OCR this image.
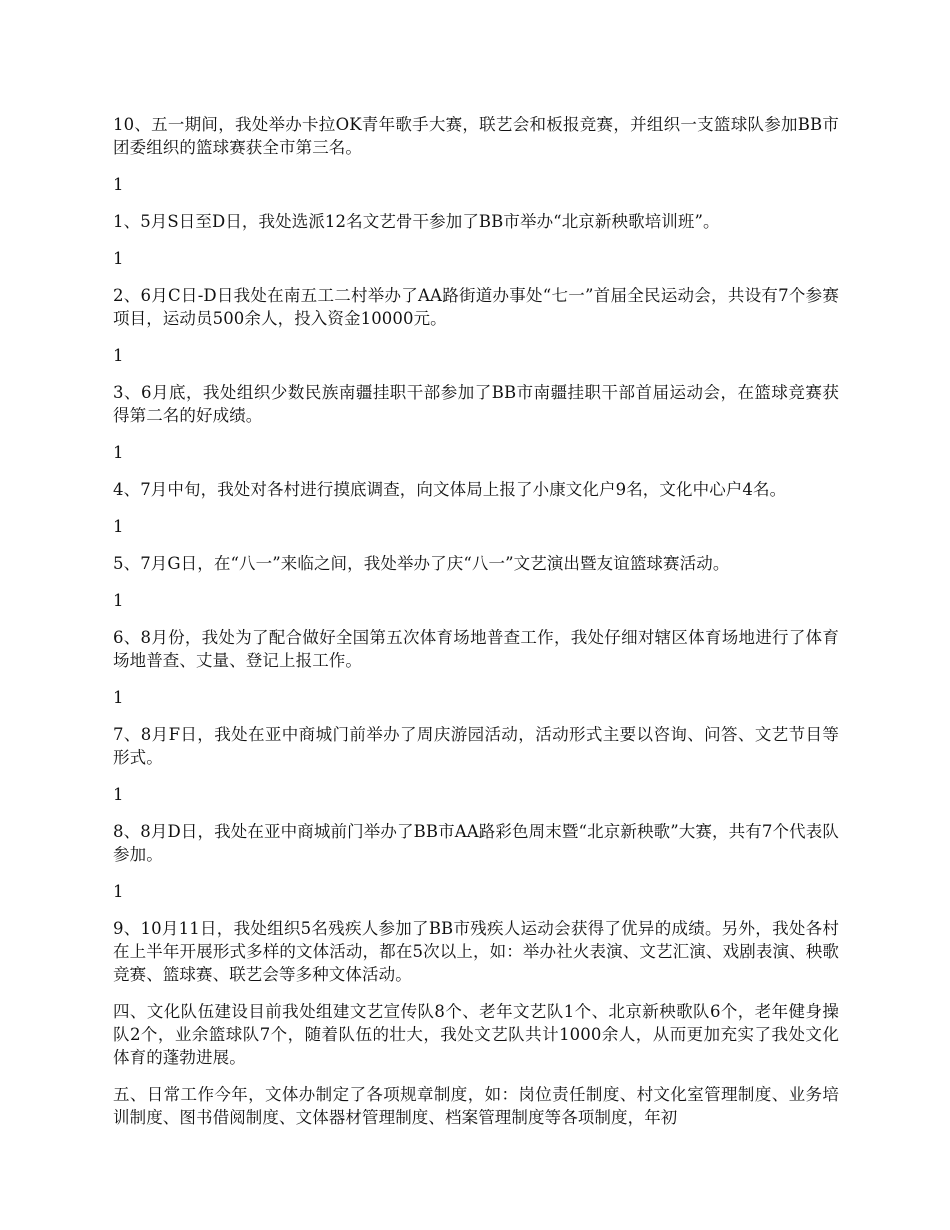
10、五一期间，我处举办卡拉OK青年歌手大赛，联艺会和板报竞赛，并组织一支篮球队参加BB市团委组织的篮球赛获全市第三名。

1

1、5月S日至D日，我处选派12名文艺骨干参加了BB市举办“北京新秧歌培训班”。

1

2、6月C日-D日我处在南五工二村举办了AA路街道办事处“七一”首届全民运动会，共设有7个参赛项目，运动员500余人，投入资金10000元。

1

3、6月底，我处组织少数民族南疆挂职干部参加了BB市南疆挂职干部首届运动会，在篮球竞赛获得第二名的好成绩。

1

4、7月中旬，我处对各村进行摸底调查，向文体局上报了小康文化户9名，文化中心户4名。

1

5、7月G日，在“八一”来临之间，我处举办了庆“八一”文艺演出暨友谊篮球赛活动。

1

6、8月份，我处为了配合做好全国第五次体育场地普查工作，我处仔细对辖区体育场地进行了体育场地普查、丈量、登记上报工作。

1

7、8月F日，我处在亚中商城门前举办了周庆游园活动，活动形式主要以咨询、问答、文艺节目等形式。

1

8、8月D日，我处在亚中商城前门举办了BB市AA路彩色周末暨“北京新秧歌”大赛，共有7个代表队参加。

1

9、10月11日，我处组织5名残疾人参加了BB市残疾人运动会获得了优异的成绩。另外，我处各村在上半年开展形式多样的文体活动，都在5次以上，如：举办社火表演、文艺汇演、戏剧表演、秧歌竞赛、篮球赛、联艺会等多种文体活动。

四、文化队伍建设目前我处组建文艺宣传队8个、老年文艺队1个、北京新秧歌队6个，老年健身操队2个，业余篮球队7个，随着队伍的壮大，我处文艺队共计1000余人，从而更加充实了我处文化体育的蓬勃进展。

五、日常工作今年，文体办制定了各项规章制度，如：岗位责任制度、村文化室管理制度、业务培训制度、图书借阅制度、文体器材管理制度、档案管理制度等各项制度，年初
